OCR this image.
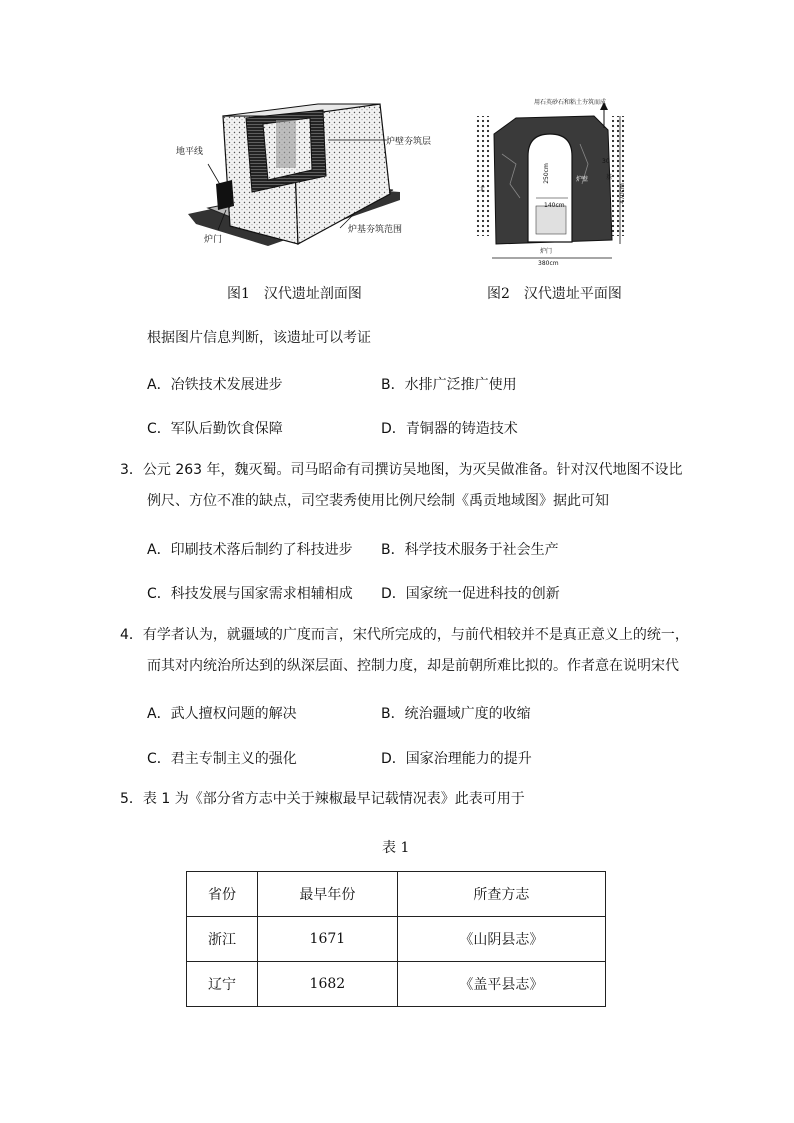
地平线
炉壁夯筑层
炉门
炉基夯筑范围
图1　汉代遗址剖面图
用石英砂石和粘土夯筑而成
北
250cm	炉壁	基
30
470cm
140cm
炉门
380cm
图2　汉代遗址平面图
根据图片信息判断，该遗址可以考证
A．冶铁技术发展进步	B．水排广泛推广使用
C．军队后勤饮食保障	D．青铜器的铸造技术
3．公元 263 年，魏灭蜀。司马昭命有司撰访吴地图，为灭吴做准备。针对汉代地图不设比
例尺、方位不准的缺点，司空裴秀使用比例尺绘制《禹贡地域图》据此可知
A．印刷技术落后制约了科技进步 B．科学技术服务于社会生产
C．科技发展与国家需求相辅相成 D．国家统一促进科技的创新
4．有学者认为，就疆域的广度而言，宋代所完成的，与前代相较并不是真正意义上的统一，
而其对内统治所达到的纵深层面、控制力度，却是前朝所难比拟的。作者意在说明宋代
A．武人擅权问题的解决	B．统治疆域广度的收缩
C．君主专制主义的强化	D．国家治理能力的提升
5．表 1 为《部分省方志中关于辣椒最早记载情况表》此表可用于
表 1
省份	最早年份	所查方志
浙江	1671	《山阴县志》
辽宁	1682	《盖平县志》
